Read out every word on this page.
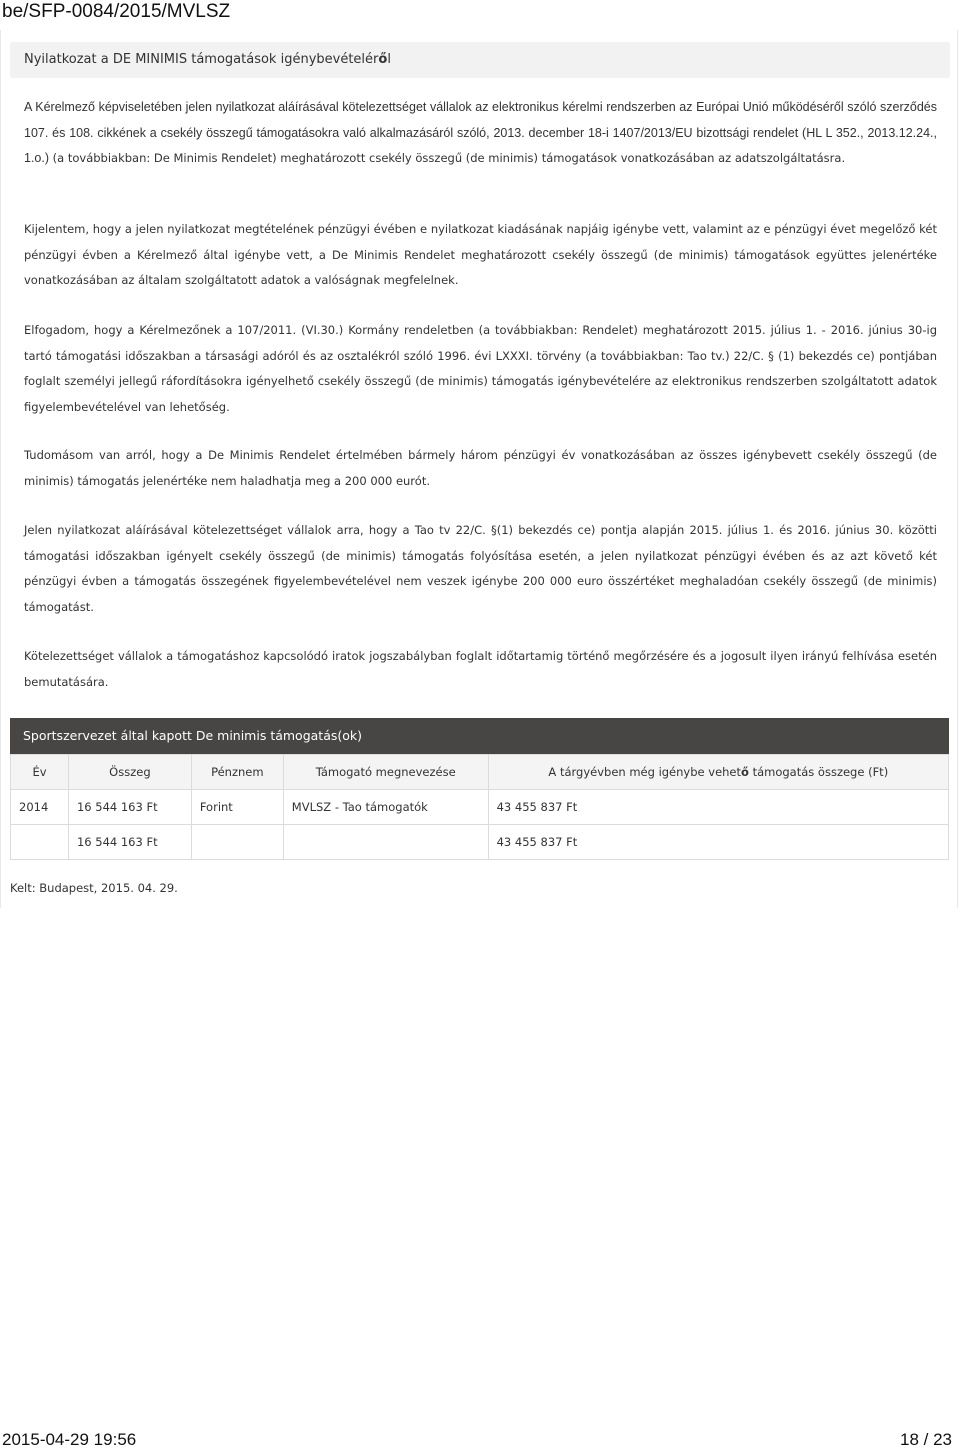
be/SFP-0084/2015/MVLSZ
Nyilatkozat a DE MINIMIS támogatások igénybevételéről

A Kérelmező képviseletében jelen nyilatkozat aláírásával kötelezettséget vállalok az elektronikus kérelmi rendszerben az Európai Unió működéséről szóló szerződés 107. és 108. cikkének a csekély összegű támogatásokra való alkalmazásáról szóló, 2013. december 18-i 1407/2013/EU bizottsági rendelet (HL L 352., 2013.12.24., 1.o.) (a továbbiakban: De Minimis Rendelet) meghatározott csekély összegű (de minimis) támogatások vonatkozásában az adatszolgáltatásra.

Kijelentem, hogy a jelen nyilatkozat megtételének pénzügyi évében e nyilatkozat kiadásának napjáig igénybe vett, valamint az e pénzügyi évet megelőző két pénzügyi évben a Kérelmező által igénybe vett, a De Minimis Rendelet meghatározott csekély összegű (de minimis) támogatások együttes jelenértéke vonatkozásában az általam szolgáltatott adatok a valóságnak megfelelnek.

Elfogadom, hogy a Kérelmezőnek a 107/2011. (VI.30.) Kormány rendeletben (a továbbiakban: Rendelet) meghatározott 2015. július 1. - 2016. június 30-ig tartó támogatási időszakban a társasági adóról és az osztalékról szóló 1996. évi LXXXI. törvény (a továbbiakban: Tao tv.) 22/C. § (1) bekezdés ce) pontjában foglalt személyi jellegű ráfordításokra igényelhető csekély összegű (de minimis) támogatás igénybevételére az elektronikus rendszerben szolgáltatott adatok figyelembevételével van lehetőség.

Tudomásom van arról, hogy a De Minimis Rendelet értelmében bármely három pénzügyi év vonatkozásában az összes igénybevett csekély összegű (de minimis) támogatás jelenértéke nem haladhatja meg a 200 000 eurót.

Jelen nyilatkozat aláírásával kötelezettséget vállalok arra, hogy a Tao tv 22/C. §(1) bekezdés ce) pontja alapján 2015. július 1. és 2016. június 30. közötti támogatási időszakban igényelt csekély összegű (de minimis) támogatás folyósítása esetén, a jelen nyilatkozat pénzügyi évében és az azt követő két pénzügyi évben a támogatás összegének figyelembevételével nem veszek igénybe 200 000 euro összértéket meghaladóan csekély összegű (de minimis) támogatást.

Kötelezettséget vállalok a támogatáshoz kapcsolódó iratok jogszabályban foglalt időtartamig történő megőrzésére és a jogosult ilyen irányú felhívása esetén bemutatására.

Sportszervezet által kapott De minimis támogatás(ok)
Év	Összeg	Pénznem	Támogató megnevezése	A tárgyévben még igénybe vehető támogatás összege (Ft)
2014	16 544 163 Ft	Forint	MVLSZ - Tao támogatók	43 455 837 Ft
	16 544 163 Ft			43 455 837 Ft
Kelt: Budapest, 2015. 04. 29.
2015-04-29 19:56	18 / 23
